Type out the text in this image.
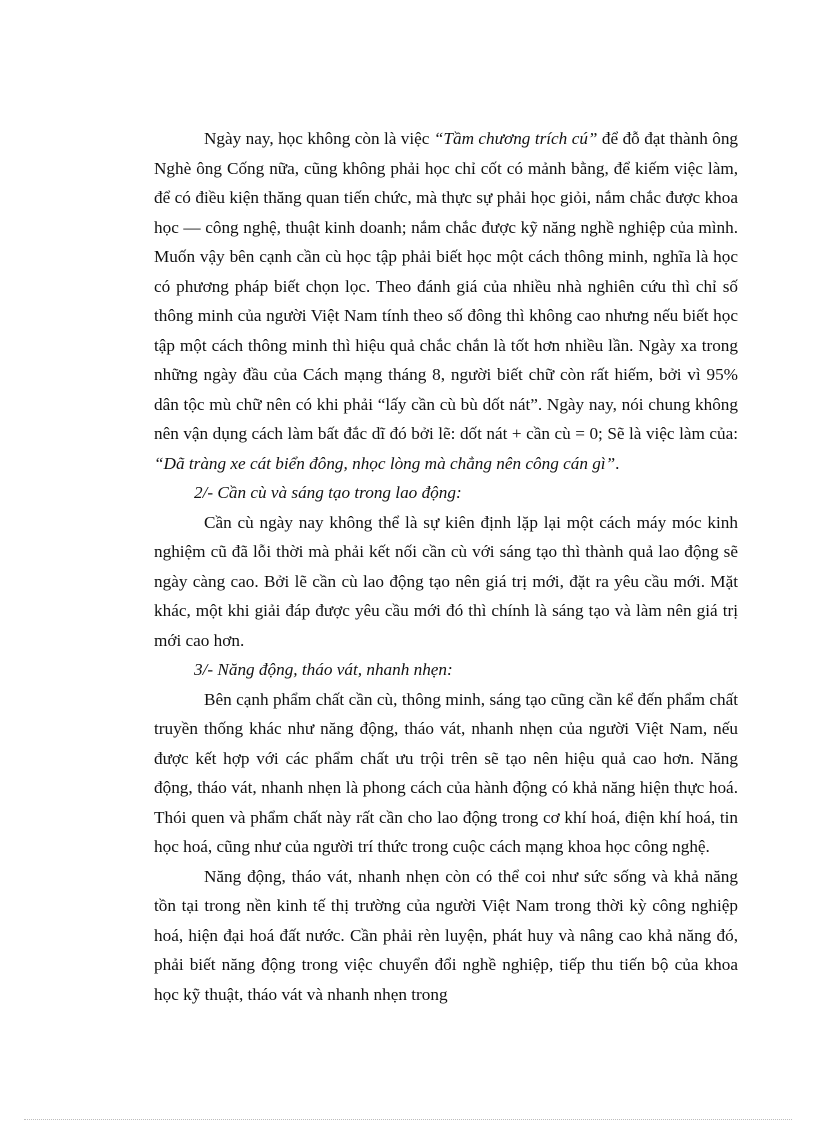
Ngày nay, học không còn là việc “Tầm chương trích cú” để đỗ đạt thành ông Nghè ông Cống nữa, cũng không phải học chỉ cốt có mảnh bằng, để kiếm việc làm, để có điều kiện thăng quan tiến chức, mà thực sự phải học giỏi, nắm chắc được khoa học — công nghệ, thuật kinh doanh; nắm chắc được kỹ năng nghề nghiệp của mình. Muốn vậy bên cạnh cần cù học tập phải biết học một cách thông minh, nghĩa là học có phương pháp biết chọn lọc. Theo đánh giá của nhiều nhà nghiên cứu thì chỉ số thông minh của người Việt Nam tính theo số đông thì không cao nhưng nếu biết học tập một cách thông minh thì hiệu quả chắc chắn là tốt hơn nhiều lần. Ngày xa trong những ngày đầu của Cách mạng tháng 8, người biết chữ còn rất hiếm, bởi vì 95% dân tộc mù chữ nên có khi phải “lấy cần cù bù dốt nát”. Ngày nay, nói chung không nên vận dụng cách làm bất đắc dĩ đó bởi lẽ: dốt nát + cần cù = 0; Sẽ là việc làm của: “Dã tràng xe cát biển đông, nhọc lòng mà chẳng nên công cán gì”.

2/- Cần cù và sáng tạo trong lao động:

Cần cù ngày nay không thể là sự kiên định lặp lại một cách máy móc kinh nghiệm cũ đã lỗi thời mà phải kết nối cần cù với sáng tạo thì thành quả lao động sẽ ngày càng cao. Bởi lẽ cần cù lao động tạo nên giá trị mới, đặt ra yêu cầu mới. Mặt khác, một khi giải đáp được yêu cầu mới đó thì chính là sáng tạo và làm nên giá trị mới cao hơn.

3/- Năng động, tháo vát, nhanh nhẹn:

Bên cạnh phẩm chất cần cù, thông minh, sáng tạo cũng cần kể đến phẩm chất truyền thống khác như năng động, tháo vát, nhanh nhẹn của người Việt Nam, nếu được kết hợp với các phẩm chất ưu trội trên sẽ tạo nên hiệu quả cao hơn. Năng động, tháo vát, nhanh nhẹn là phong cách của hành động có khả năng hiện thực hoá. Thói quen và phẩm chất này rất cần cho lao động trong cơ khí hoá, điện khí hoá, tin học hoá, cũng như của người trí thức trong cuộc cách mạng khoa học công nghệ.

Năng động, tháo vát, nhanh nhẹn còn có thể coi như sức sống và khả năng tồn tại trong nền kinh tế thị trường của người Việt Nam trong thời kỳ công nghiệp hoá, hiện đại hoá đất nước. Cần phải rèn luyện, phát huy và nâng cao khả năng đó, phải biết năng động trong việc chuyển đổi nghề nghiệp, tiếp thu tiến bộ của khoa học kỹ thuật, tháo vát và nhanh nhẹn trong
